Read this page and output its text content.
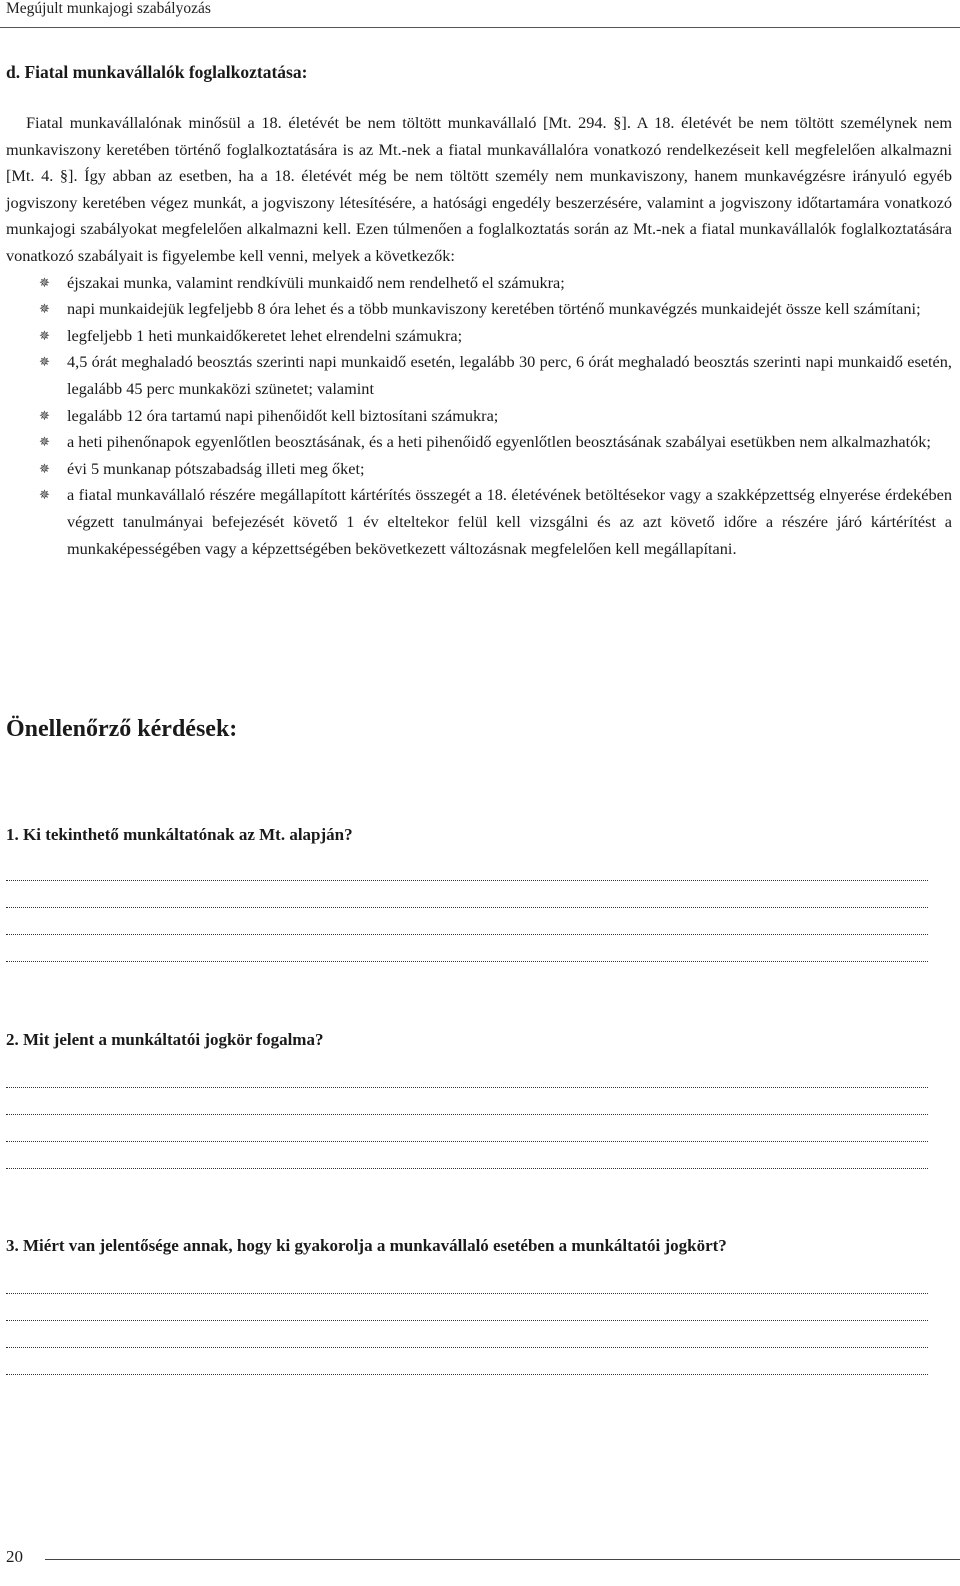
Megújult munkajogi szabályozás
d. Fiatal munkavállalók foglalkoztatása:

Fiatal munkavállalónak minősül a 18. életévét be nem töltött munkavállaló [Mt. 294. §]. A 18. életévét be nem töltött személynek nem munkaviszony keretében történő foglalkoztatására is az Mt.-nek a fiatal munkavállalóra vonatkozó rendelkezéseit kell megfelelően alkalmazni [Mt. 4. §]. Így abban az esetben, ha a 18. életévét még be nem töltött személy nem munkaviszony, hanem munkavégzésre irányuló egyéb jogviszony keretében végez munkát, a jogviszony létesítésére, a hatósági engedély beszerzésére, valamint a jogviszony időtartamára vonatkozó munkajogi szabályokat megfelelően alkalmazni kell. Ezen túlmenően a foglalkoztatás során az Mt.-nek a fiatal munkavállalók foglalkoztatására vonatkozó szabályait is figyelembe kell venni, melyek a következők:

✵ éjszakai munka, valamint rendkívüli munkaidő nem rendelhető el számukra;
✵ napi munkaidejük legfeljebb 8 óra lehet és a több munkaviszony keretében történő munkavégzés munkaidejét össze kell számítani;
✵ legfeljebb 1 heti munkaidőkeretet lehet elrendelni számukra;
✵ 4,5 órát meghaladó beosztás szerinti napi munkaidő esetén, legalább 30 perc, 6 órát meghaladó beosztás szerinti napi munkaidő esetén, legalább 45 perc munkaközi szünetet; valamint
✵ legalább 12 óra tartamú napi pihenőidőt kell biztosítani számukra;
✵ a heti pihenőnapok egyenlőtlen beosztásának, és a heti pihenőidő egyenlőtlen beosztásának szabályai esetükben nem alkalmazhatók;
✵ évi 5 munkanap pótszabadság illeti meg őket;
✵ a fiatal munkavállaló részére megállapított kártérítés összegét a 18. életévének betöltésekor vagy a szakképzettség elnyerése érdekében végzett tanulmányai befejezését követő 1 év elteltekor felül kell vizsgálni és az azt követő időre a részére járó kártérítést a munkaképességében vagy a képzettségében bekövetkezett változásnak megfelelően kell megállapítani.
Önellenőrző kérdések:
1. Ki tekinthető munkáltatónak az Mt. alapján?
2. Mit jelent a munkáltatói jogkör fogalma?
3. Miért van jelentősége annak, hogy ki gyakorolja a munkavállaló esetében a munkáltatói jogkört?
20
